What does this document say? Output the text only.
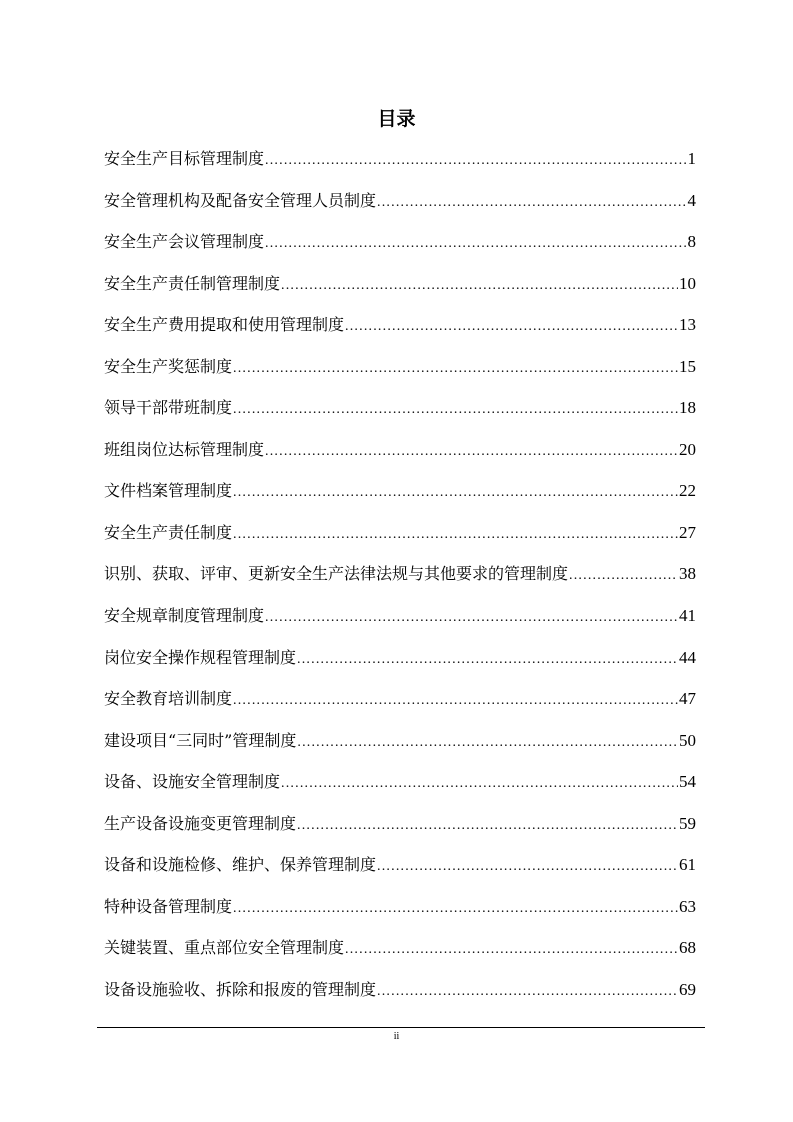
目录
安全生产目标管理制度 .....	1
安全管理机构及配备安全管理人员制度 .....	4
安全生产会议管理制度 .....	8
安全生产责任制管理制度 .....	10
安全生产费用提取和使用管理制度 .....	13
安全生产奖惩制度 .....	15
领导干部带班制度 .....	18
班组岗位达标管理制度 .....	20
文件档案管理制度 .....	22
安全生产责任制度 .....	27
识别、获取、评审、更新安全生产法律法规与其他要求的管理制度 .....	38
安全规章制度管理制度 .....	41
岗位安全操作规程管理制度 .....	44
安全教育培训制度 .....	47
建设项目“三同时”管理制度 .....	50
设备、设施安全管理制度 .....	54
生产设备设施变更管理制度 .....	59
设备和设施检修、维护、保养管理制度 .....	61
特种设备管理制度 .....	63
关键装置、重点部位安全管理制度 .....	68
设备设施验收、拆除和报废的管理制度 .....	69
ii
